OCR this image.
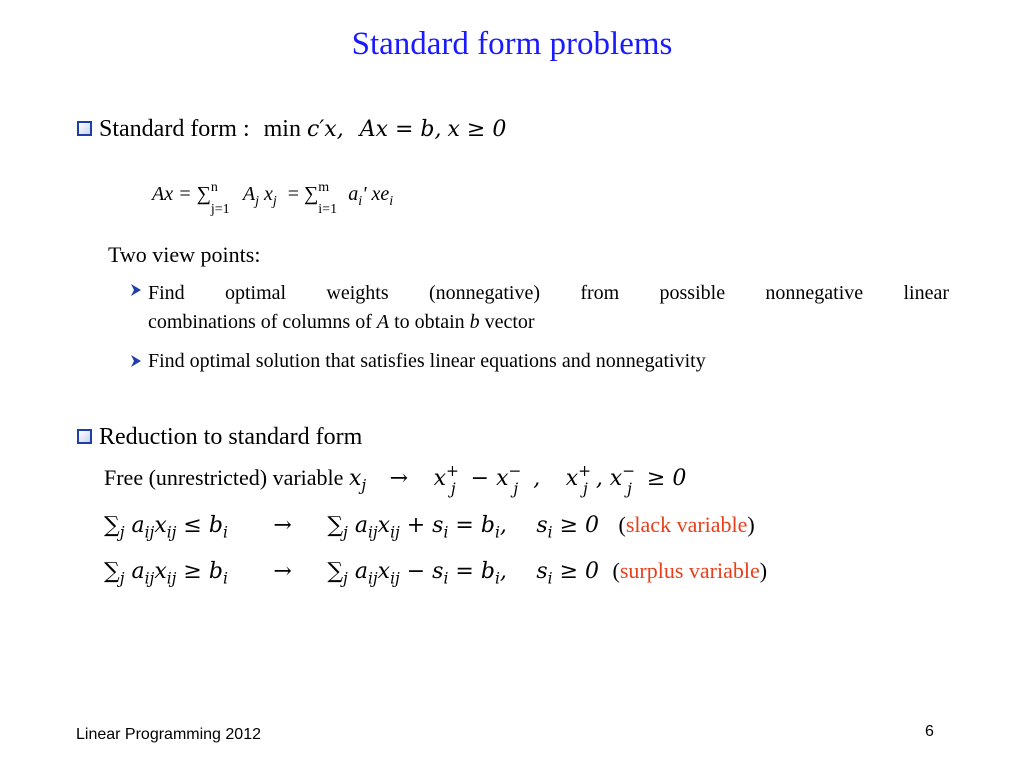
Standard form problems
Standard form : min c′x, Ax = b, x ≥ 0
Ax = ∑ n
j=1
$A_j$ $x_j$ = ∑ m
i=1
$a_i'$ $xe_i$
Two view points:
Find optimal weights (nonnegative) from possible nonnegative linear
combinations of columns of A to obtain b vector
Find optimal solution that satisfies linear equations and nonnegativity
Reduction to standard form
Free (unrestricted) variable $x_j \to x_{+j} - x_{-j}$ , $x_{+j}$ , $x_{-j} \ge 0$
$\sum_j$ $a_{ij}x_{ij} \le b_i \to \sum_j$ $a_{ij}x_{ij} + s_i = b_i$, $s_i \ge 0$ (slack variable)
$\sum_j$ $a_{ij}x_{ij} \ge b_i \to \sum_j$ $a_{ij}x_{ij} - s_i = b_i$, $s_i \ge 0$ (surplus variable)
Linear Programming 2012	6
